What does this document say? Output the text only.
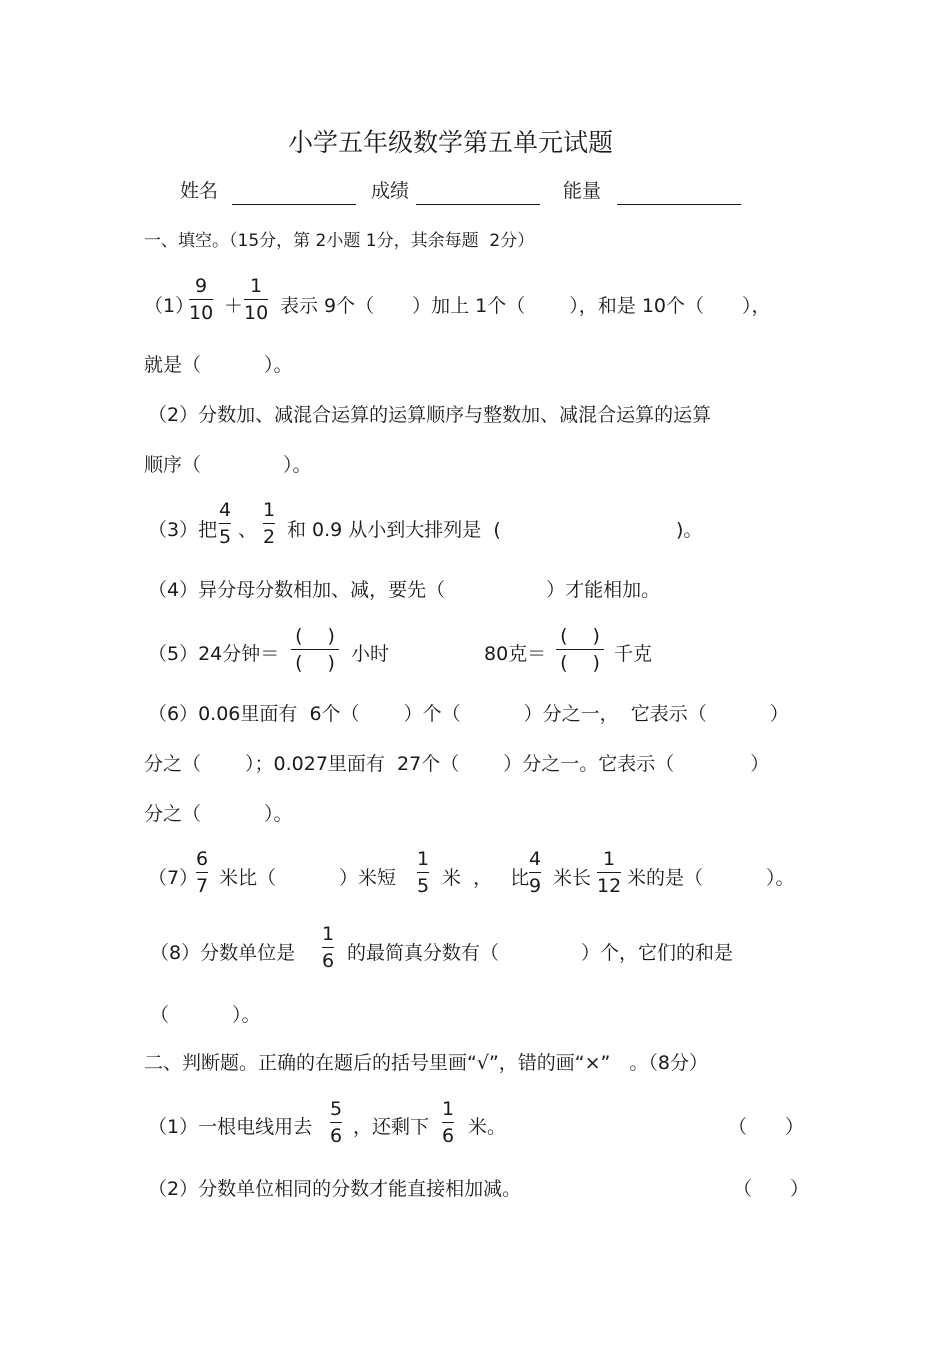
小学五年级数学第五单元试题
姓名	成绩	能量
一、填空。（15分，第 2小题 1分，其余每题  2分）
（1）
9
10 ＋
1
10 表示 9个（　　）加上 1个（　　 ），和是 10个（　　），
就是（　　　 ）。
（2）分数加、减混合运算的运算顺序与整数加、减混合运算的运算
顺序（　　　　 ）。
（3）把
4
5 、
1
2 和 0.9 从小到大排列是  (	)。
（4）异分母分数相加、减，要先（　　　　　 ）才能相加。
（5）24分钟＝
(　 )
(　 ) 小时	80克＝
(　 )
(　 ) 千克
（6）0.06里面有  6个（　　 ）个（　　　 ）分之一，  它表示（　　　 ）
分之（　　 ）；0.027里面有  27个（　　 ）分之一。它表示（　　　　）
分之（　　　 ）。
（7）
6
7 米比（　　　 ）米短
1
5 米  ，   比
4
9 米长
1
12 米的是（　　　 ）。
（8）分数单位是
1
6 的最简真分数有（　　　　 ）个，它们的和是
（　　　 ）。
二、判断题。正确的在题后的括号里画“√”，错的画“×”　。（8分）
（1）一根电线用去
5
6 ，还剩下
1
6 米。	（　　）
（2）分数单位相同的分数才能直接相加减。	（　　）
